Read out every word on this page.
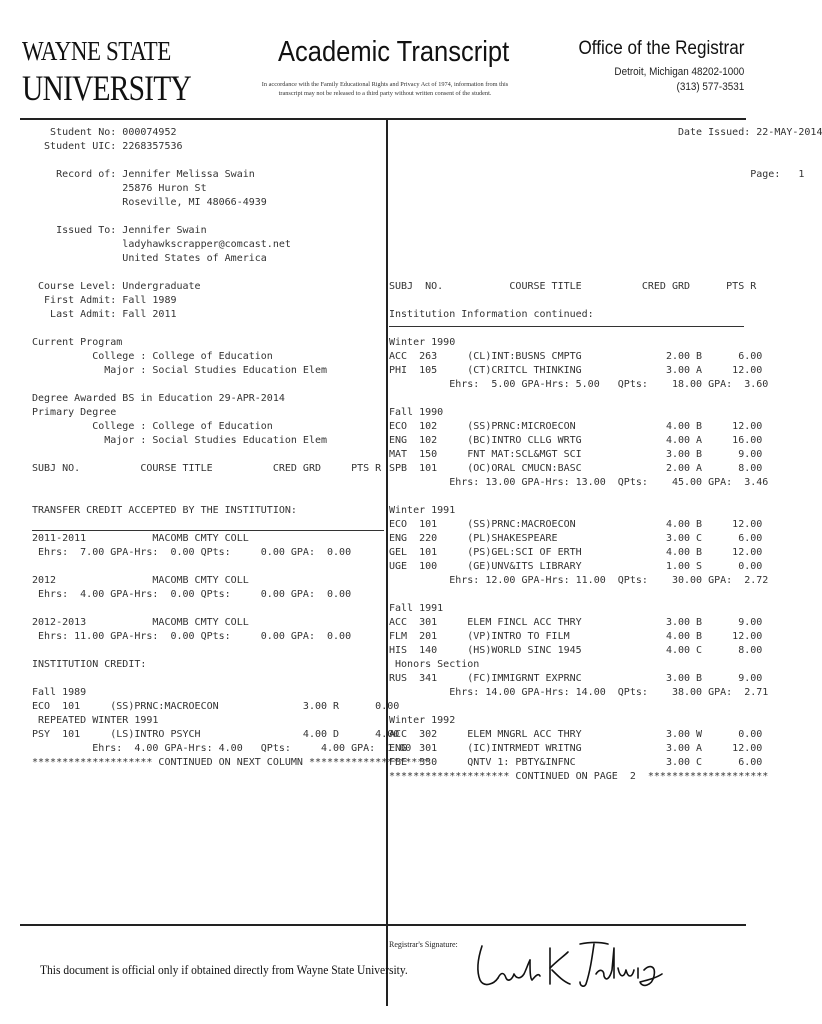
WAYNE STATE
UNIVERSITY
Academic Transcript
In accordance with the Family Educational Rights and Privacy Act of 1974, information from this
transcript may not be released to a third party without written consent of the student.
Office of the Registrar
Detroit, Michigan 48202-1000
(313) 577-3531
Student No: 000074952
Student UIC: 2268357536
Record of: Jennifer Melissa Swain
25876 Huron St
Roseville, MI 48066-4939
Issued To: Jennifer Swain
ladyhawkscrapper@comcast.net
United States of America
Course Level: Undergraduate
First Admit: Fall 1989
Last Admit: Fall 2011
Current Program
College : College of Education
Major : Social Studies Education Elem
Degree Awarded BS in Education 29-APR-2014
Primary Degree
College : College of Education
Major : Social Studies Education Elem
SUBJ NO.          COURSE TITLE          CRED GRD     PTS R
TRANSFER CREDIT ACCEPTED BY THE INSTITUTION:
2011-2011           MACOMB CMTY COLL
Ehrs:  7.00 GPA-Hrs:  0.00 QPts:     0.00 GPA:  0.00
2012                MACOMB CMTY COLL
Ehrs:  4.00 GPA-Hrs:  0.00 QPts:     0.00 GPA:  0.00
2012-2013           MACOMB CMTY COLL
Ehrs: 11.00 GPA-Hrs:  0.00 QPts:     0.00 GPA:  0.00
INSTITUTION CREDIT:
Fall 1989
ECO  101     (SS)PRNC:MACROECON              3.00 R      0.00
REPEATED WINTER 1991
PSY  101     (LS)INTRO PSYCH                 4.00 D      4.00
Ehrs:  4.00 GPA-Hrs: 4.00   QPts:     4.00 GPA:  1.00
******************** CONTINUED ON NEXT COLUMN ********************
Date Issued: 22-MAY-2014
Page:   1
SUBJ  NO.           COURSE TITLE          CRED GRD      PTS R
Institution Information continued:
Winter 1990
ACC  263     (CL)INT:BUSNS CMPTG              2.00 B      6.00
PHI  105     (CT)CRITCL THINKING              3.00 A     12.00
Ehrs:  5.00 GPA-Hrs: 5.00   QPts:    18.00 GPA:  3.60
Fall 1990
ECO  102     (SS)PRNC:MICROECON               4.00 B     12.00
ENG  102     (BC)INTRO CLLG WRTG              4.00 A     16.00
MAT  150     FNT MAT:SCL&MGT SCI              3.00 B      9.00
SPB  101     (OC)ORAL CMUCN:BASC              2.00 A      8.00
Ehrs: 13.00 GPA-Hrs: 13.00  QPts:    45.00 GPA:  3.46
Winter 1991
ECO  101     (SS)PRNC:MACROECON               4.00 B     12.00
ENG  220     (PL)SHAKESPEARE                  3.00 C      6.00
GEL  101     (PS)GEL:SCI OF ERTH              4.00 B     12.00
UGE  100     (GE)UNV&ITS LIBRARY              1.00 S      0.00
Ehrs: 12.00 GPA-Hrs: 11.00  QPts:    30.00 GPA:  2.72
Fall 1991
ACC  301     ELEM FINCL ACC THRY              3.00 B      9.00
FLM  201     (VP)INTRO TO FILM                4.00 B     12.00
HIS  140     (HS)WORLD SINC 1945              4.00 C      8.00
Honors Section
RUS  341     (FC)IMMIGRNT EXPRNC              3.00 B      9.00
Ehrs: 14.00 GPA-Hrs: 14.00  QPts:    38.00 GPA:  2.71
Winter 1992
ACC  302     ELEM MNGRL ACC THRY              3.00 W      0.00
ENG  301     (IC)INTRMEDT WRITNG              3.00 A     12.00
FBE  330     QNTV 1: PBTY&INFNC               3.00 C      6.00
******************** CONTINUED ON PAGE  2  ********************
Registrar's Signature:
This document is official only if obtained directly from Wayne State University.
